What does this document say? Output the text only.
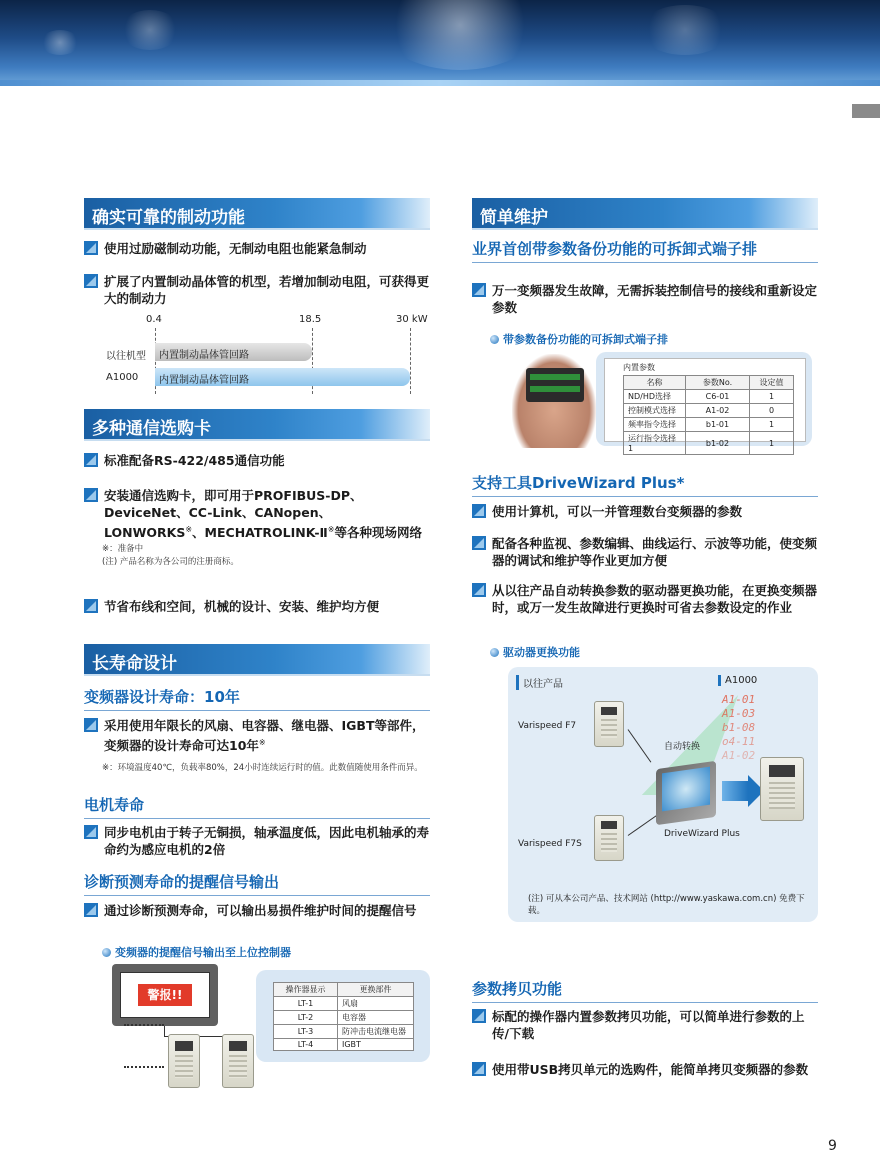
确实可靠的制动功能
使用过励磁制动功能，无制动电阻也能紧急制动
扩展了内置制动晶体管的机型，若增加制动电阻，可获得更大的制动力
0.4	18.5	30 kW
以往机型	内置制动晶体管回路
A1000	内置制动晶体管回路
多种通信选购卡
标准配备RS-422/485通信功能
安装通信选购卡，即可用于PROFIBUS-DP、DeviceNet、CC-Link、CANopen、LONWORKS※、MECHATROLINK-Ⅱ※等各种现场网络
※：准备中
(注) 产品名称为各公司的注册商标。
节省布线和空间，机械的设计、安装、维护均方便
长寿命设计
变频器设计寿命：10年
采用使用年限长的风扇、电容器、继电器、IGBT等部件，变频器的设计寿命可达10年※
※：环境温度40℃，负载率80%，24小时连续运行时的值。此数值随使用条件而异。
电机寿命
同步电机由于转子无铜损，轴承温度低，因此电机轴承的寿命约为感应电机的2倍
诊断预测寿命的提醒信号输出
通过诊断预测寿命，可以输出易损件维护时间的提醒信号
变频器的提醒信号输出至上位控制器
警报!!	操作器显示	更换部件
LT-1	风扇
LT-2	电容器
LT-3	防冲击电流继电器
LT-4	IGBT
简单维护
业界首创带参数备份功能的可拆卸式端子排
万一变频器发生故障，无需拆装控制信号的接线和重新设定参数
带参数备份功能的可拆卸式端子排
内置参数
名称	参数No.	设定值
ND/HD选择	C6-01	1
控制模式选择	A1-02	0
频率指令选择	b1-01	1
运行指令选择1	b1-02	1
支持工具DriveWizard Plus*
使用计算机，可以一并管理数台变频器的参数
配备各种监视、参数编辑、曲线运行、示波等功能，使变频器的调试和维护等作业更加方便
从以往产品自动转换参数的驱动器更换功能，在更换变频器时，或万一发生故障进行更换时可省去参数设定的作业
驱动器更换功能
以往产品	A1000
Varispeed F7
Varispeed F7S
自动转换
DriveWizard Plus
A1-01
A1-03
b1-08
o4-11
A1-02
(注) 可从本公司产品、技术网站 (http://www.yaskawa.com.cn) 免费下载。
参数拷贝功能
标配的操作器内置参数拷贝功能，可以简单进行参数的上传/下载
使用带USB拷贝单元的选购件，能简单拷贝变频器的参数
9
